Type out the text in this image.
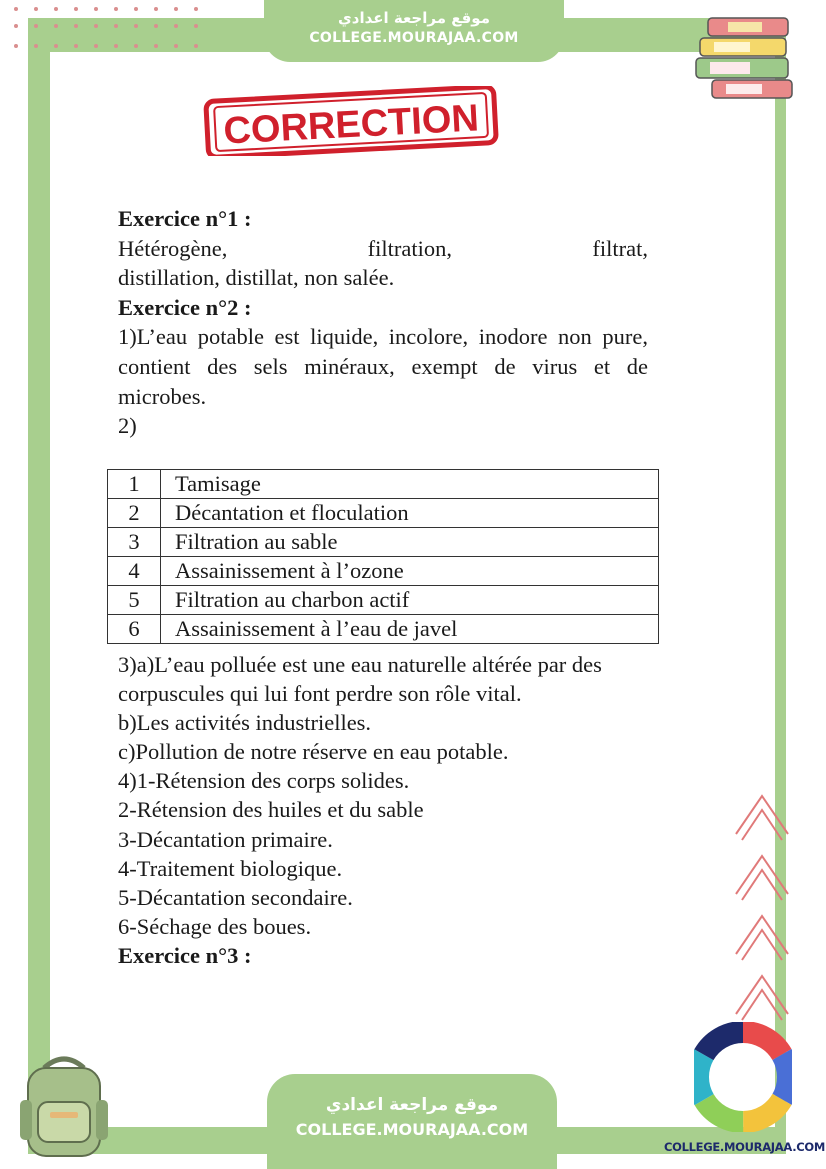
موقع مراجعة اعدادي
COLLEGE.MOURAJAA.COM
CORRECTION
Exercice n°1 :
Hétérogène, filtration, filtrat,
distillation, distillat, non salée.
Exercice n°2 :
1)L’eau potable est liquide, incolore, inodore non pure, contient des sels minéraux, exempt de virus et de microbes.
2)
1	Tamisage
2	Décantation et floculation
3	Filtration au sable
4	Assainissement à l’ozone
5	Filtration au charbon actif
6	Assainissement à l’eau de javel
3)a)L’eau polluée est une eau naturelle altérée par des corpuscules qui lui font perdre son rôle vital.
b)Les activités industrielles.
c)Pollution de notre réserve en eau potable.
4)1-Rétension des corps solides.
2-Rétension des huiles et du sable
3-Décantation primaire.
4-Traitement biologique.
5-Décantation secondaire.
6-Séchage des boues.
Exercice n°3 :
موقع مراجعة اعدادي
COLLEGE.MOURAJAA.COM
COLLEGE.MOURAJAA.COM
